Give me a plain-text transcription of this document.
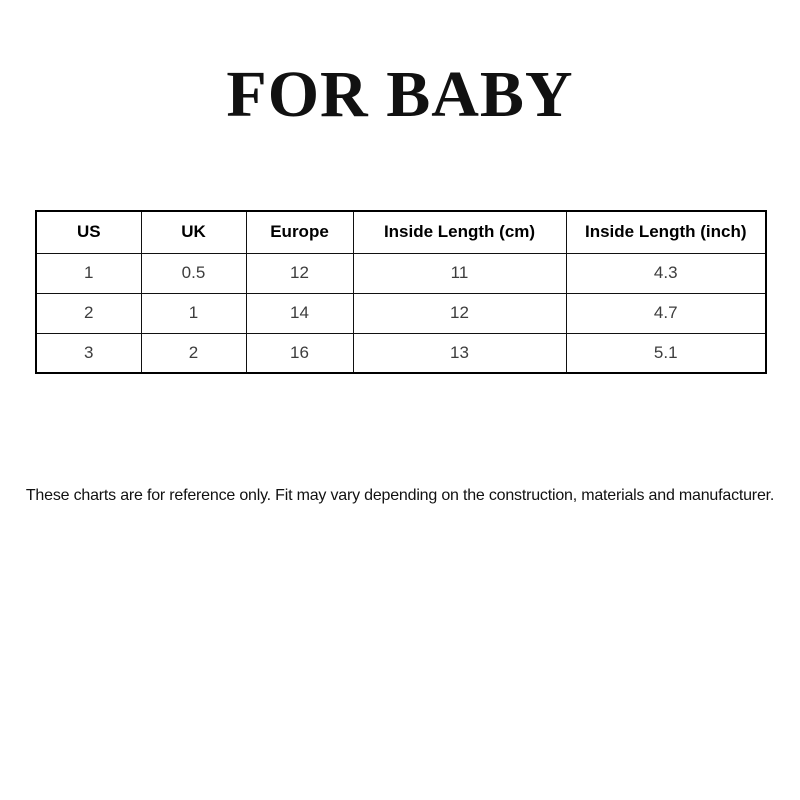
FOR BABY
US	UK	Europe	Inside Length (cm)	Inside Length (inch)
1	0.5	12	11	4.3
2	1	14	12	4.7
3	2	16	13	5.1
These charts are for reference only. Fit may vary depending on the construction, materials and manufacturer.
